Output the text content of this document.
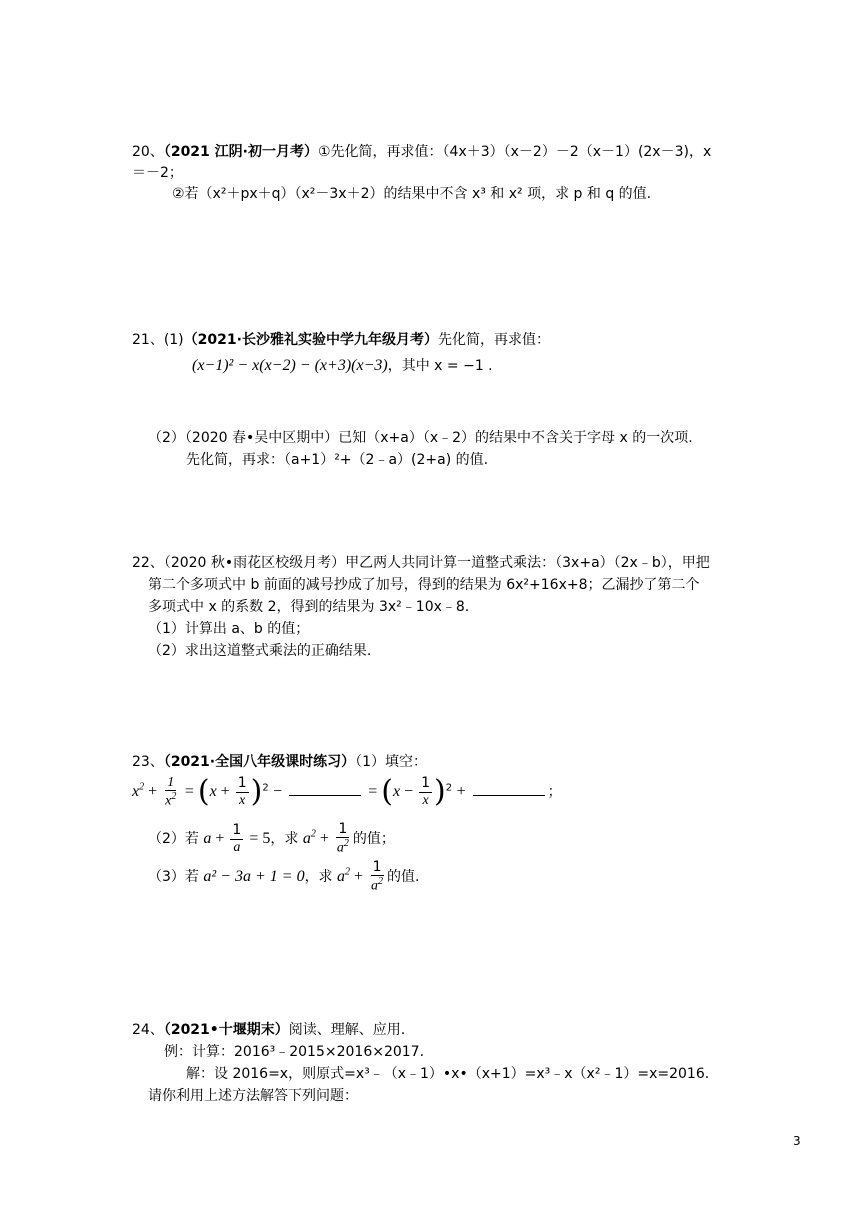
20、（2021 江阴·初一月考）①先化简，再求值：（4x＋3）（x－2）－2（x－1）(2x－3)，x
＝－2；
②若（x²＋px＋q）（x²－3x＋2）的结果中不含 x³ 和 x² 项，求 p 和 q 的值.
21、(1)（2021·长沙雅礼实验中学九年级月考）先化简，再求值：
(x−1)² − x(x−2) − (x+3)(x−3)，其中 x = −1 .
（2）（2020 春•吴中区期中）已知（x+a）（x﹣2）的结果中不含关于字母 x 的一次项.
先化简，再求：（a+1）²+（2﹣a）(2+a) 的值.
22、（2020 秋•雨花区校级月考）甲乙两人共同计算一道整式乘法：（3x+a）（2x﹣b），甲把
第二个多项式中 b 前面的减号抄成了加号，得到的结果为 6x²+16x+8；乙漏抄了第二个
多项式中 x 的系数 2，得到的结果为 3x²﹣10x﹣8.
（1）计算出 a、b 的值；
（2）求出这道整式乘法的正确结果.
23、（2021·全国八年级课时练习）（1）填空：
$x^2 + \frac{1}{x^2} = (x + \frac{1}{x} )^2$ −	= $(x - \frac{1}{x} )^2$ +	；
（2）若 $a + \frac{1}{a} = 5$，求 $a^2 + \frac{1}{a^2}$ 的值；
（3）若 a² − 3a + 1 = 0，求 $a^2 + \frac{1}{a^2}$ 的值.
24、（2021•十堰期末）阅读、理解、应用.
例：计算：2016³﹣2015×2016×2017.
解：设 2016=x，则原式=x³﹣（x﹣1）•x•（x+1）=x³﹣x（x²﹣1）=x=2016.
请你利用上述方法解答下列问题：
3
